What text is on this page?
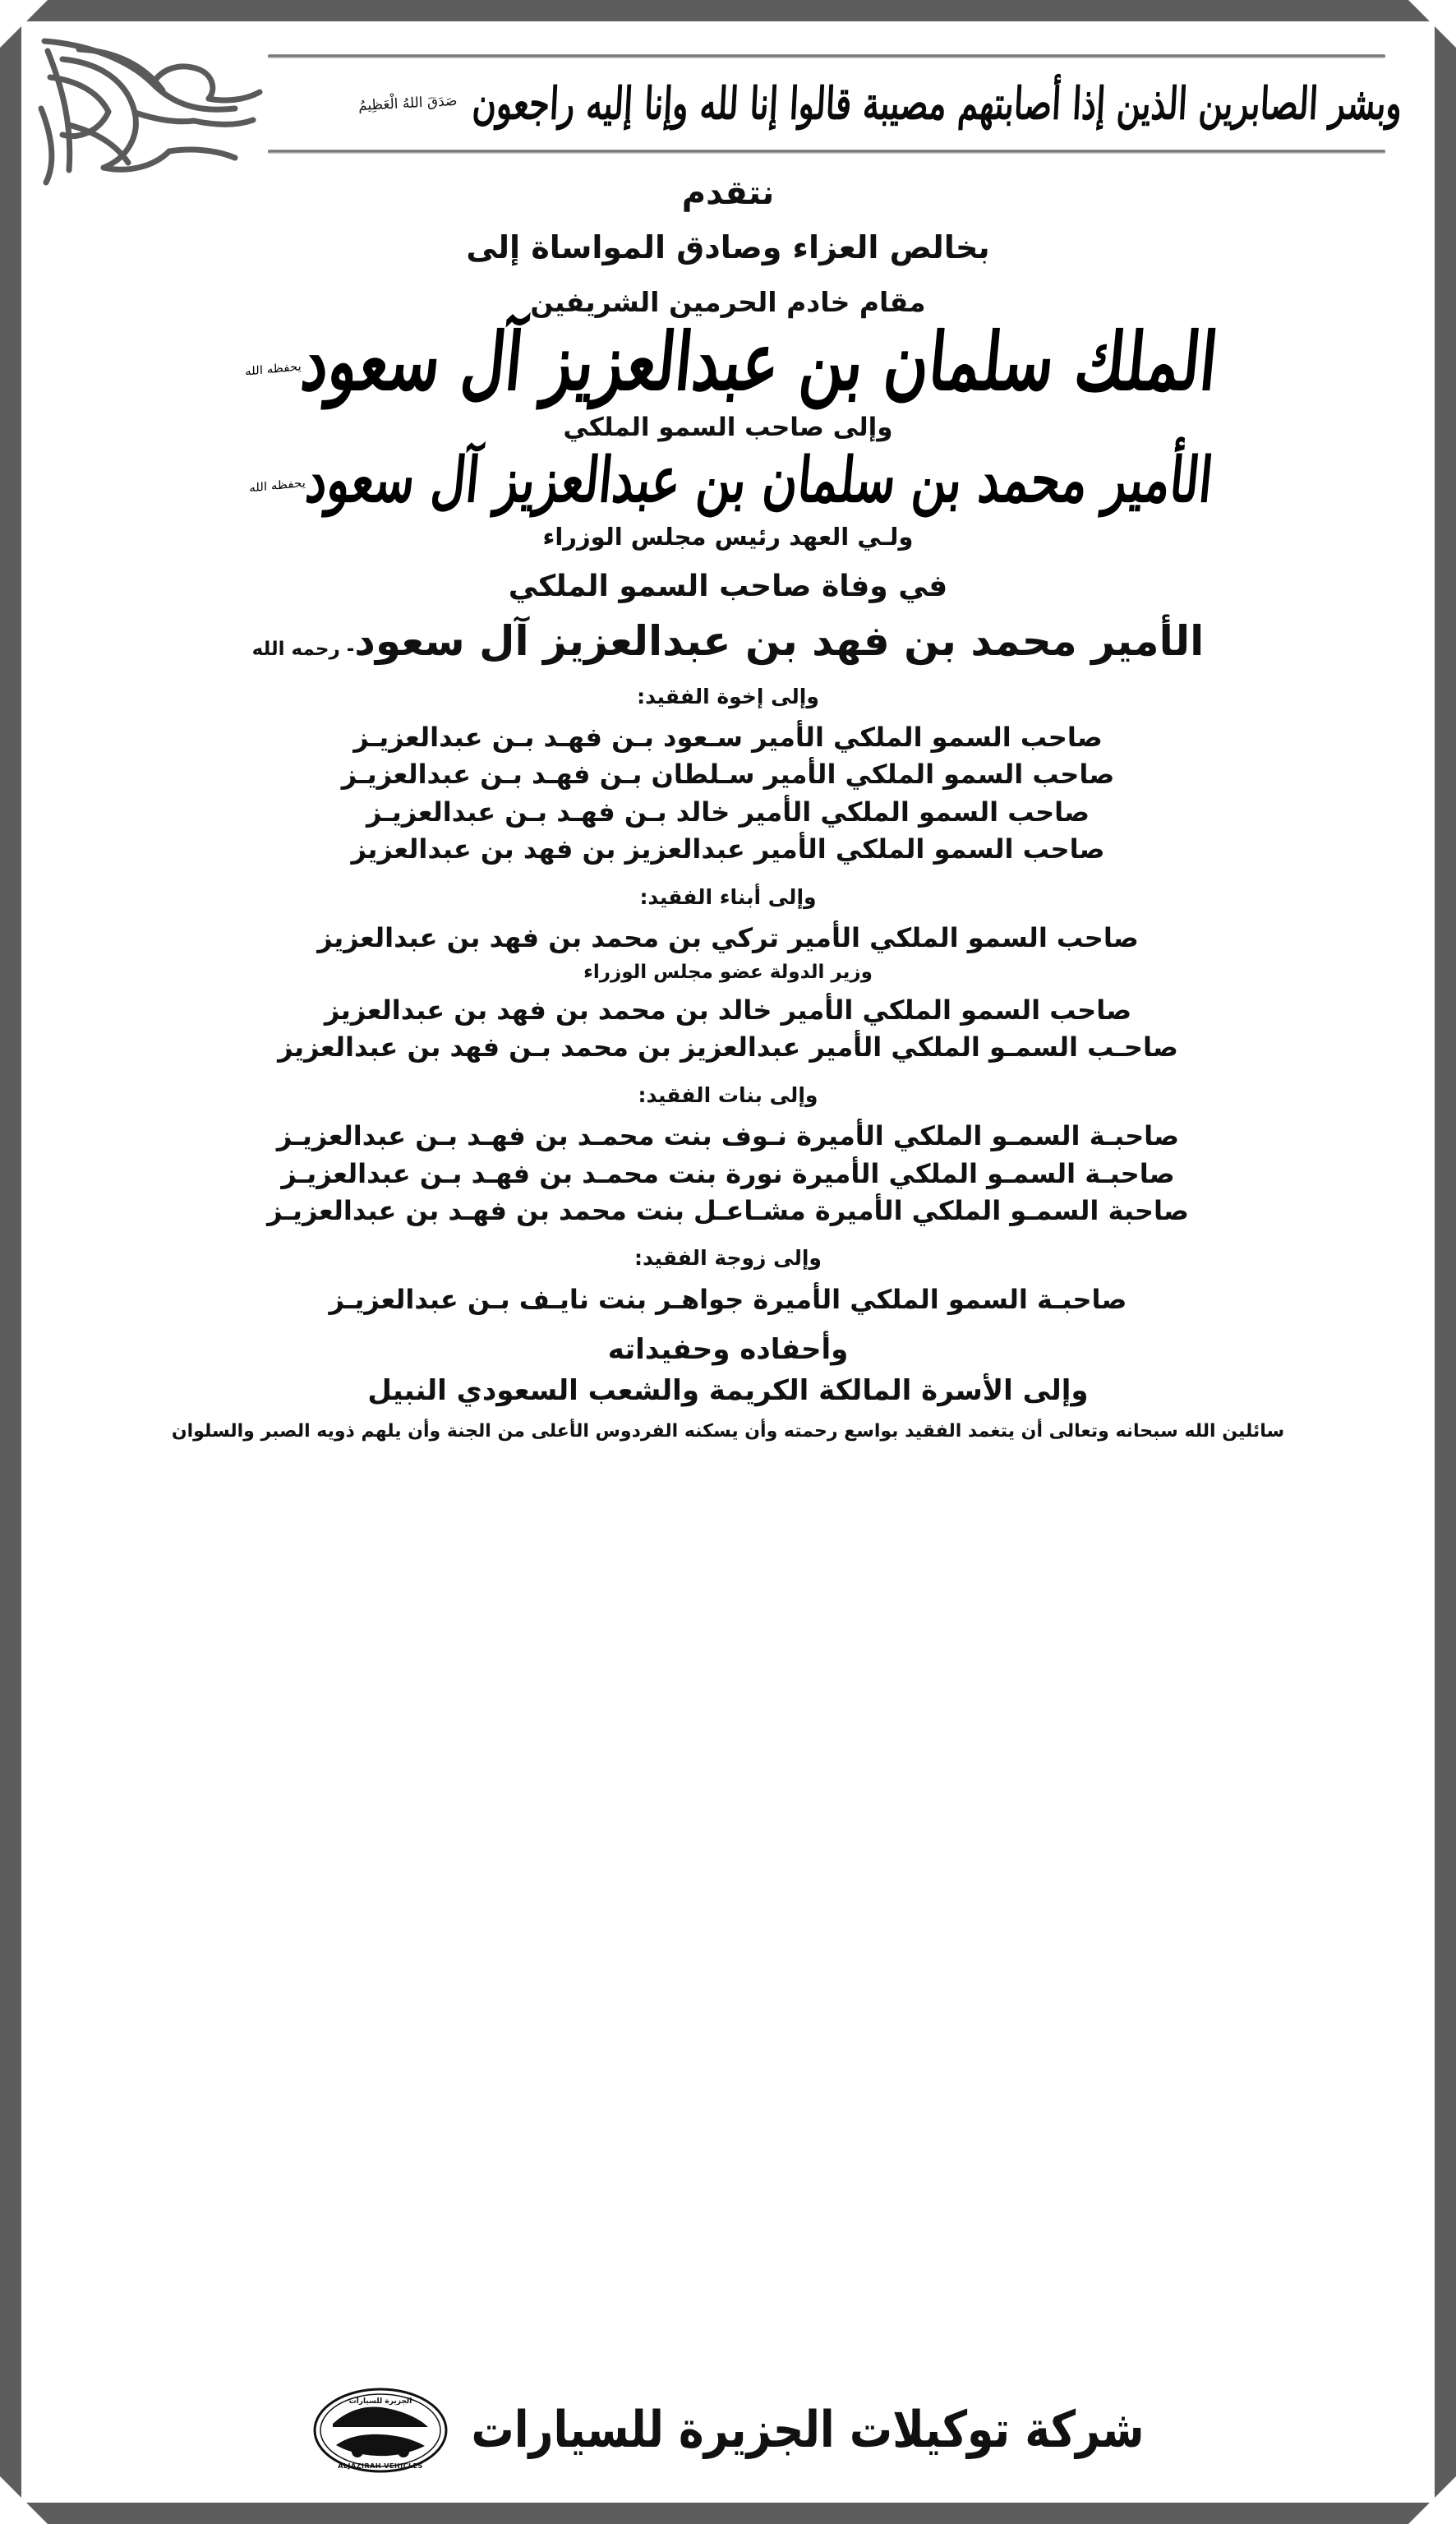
وبشر الصابرين الذين إذا أصابتهم مصيبة قالوا إنا لله وإنا إليه راجعون
صَدَقَ اللهُ الْعَظِيمُ
نتقدم
بخالص العزاء وصادق المواساة إلى
مقام خادم الحرمين الشريفين
الملك سلمان بن عبدالعزيز آل سعوديحفظه الله
وإلى صاحب السمو الملكي
الأمير محمد بن سلمان بن عبدالعزيز آل سعوديحفظه الله
ولـي العهد رئيس مجلس الوزراء
في وفاة صاحب السمو الملكي
الأمير محمد بن فهد بن عبدالعزيز آل سعود- رحمه الله
وإلى إخوة الفقيد:
صاحب السمو الملكي الأمير سـعود بـن فهـد بـن عبدالعزيـز
صاحب السمو الملكي الأمير سـلطان بـن فهـد بـن عبدالعزيـز
صاحب السمو الملكي الأمير خالد بـن فهـد بـن عبدالعزيـز
صاحب السمو الملكي الأمير عبدالعزيز بن فهد بن عبدالعزيز
وإلى أبناء الفقيد:
صاحب السمو الملكي الأمير تركي بن محمد بن فهد بن عبدالعزيز
وزير الدولة عضو مجلس الوزراء
صاحب السمو الملكي الأمير خالد بن محمد بن فهد بن عبدالعزيز
صاحـب السمـو الملكي الأمير عبدالعزيز بن محمد بـن فهد بن عبدالعزيز
وإلى بنات الفقيد:
صاحبـة السمـو الملكي الأميرة نـوف بنت محمـد بن فهـد بـن عبدالعزيـز
صاحبـة السمـو الملكي الأميرة نورة بنت محمـد بن فهـد بـن عبدالعزيـز
صاحبة السمـو الملكي الأميرة مشـاعـل بنت محمد بن فهـد بن عبدالعزيـز
وإلى زوجة الفقيد:
صاحبـة السمو الملكي الأميرة جواهـر بنت نايـف بـن عبدالعزيـز
وأحفاده وحفيداته
وإلى الأسرة المالكة الكريمة والشعب السعودي النبيل
سائلين الله سبحانه وتعالى أن يتغمد الفقيد بواسع رحمته وأن يسكنه الفردوس الأعلى من الجنة وأن يلهم ذويه الصبر والسلوان
شركة توكيلات الجزيرة للسيارات
الجزيرة للسيارات
ALJAZIRAH VEHICLES
